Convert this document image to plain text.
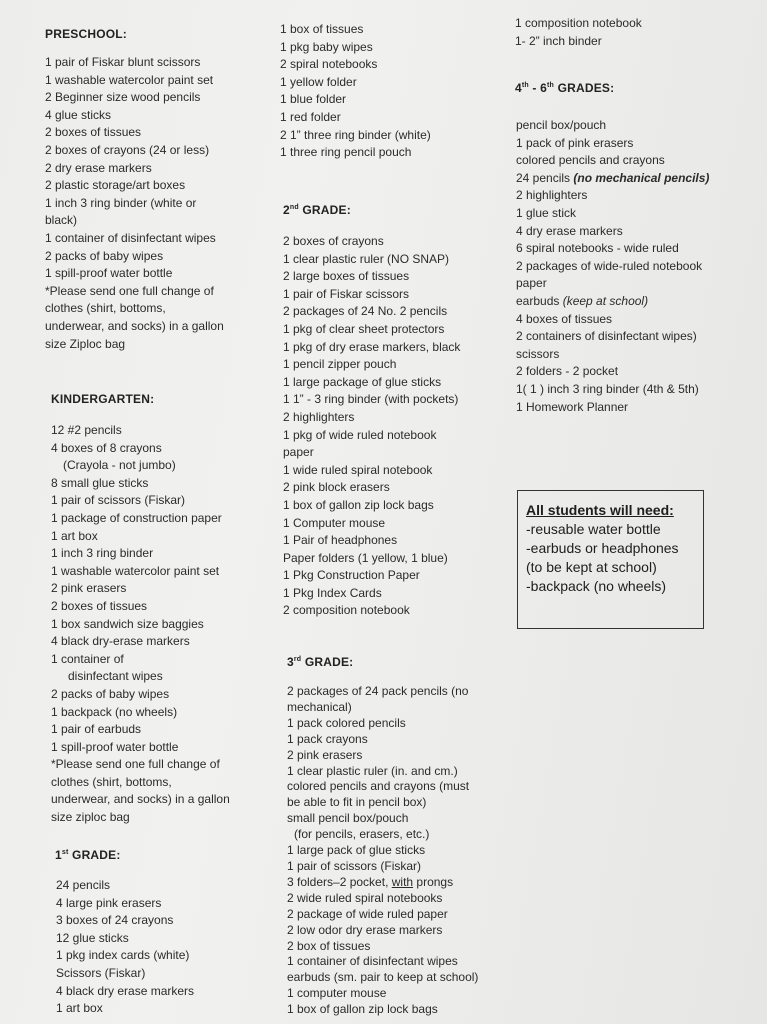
PRESCHOOL:
1 pair of Fiskar blunt scissors
1 washable watercolor paint set
2 Beginner size wood pencils
4 glue sticks
2 boxes of tissues
2 boxes of crayons (24 or less)
2 dry erase markers
2 plastic storage/art boxes
1 inch 3 ring binder (white or
black)
1 container of disinfectant wipes
2 packs of baby wipes
1 spill-proof water bottle
*Please send one full change of
clothes (shirt, bottoms,
underwear, and socks) in a gallon
size Ziploc bag
KINDERGARTEN:
12 #2 pencils
4 boxes of 8 crayons
(Crayola - not jumbo)
8 small glue sticks
1 pair of scissors (Fiskar)
1 package of construction paper
1 art box
1 inch 3 ring binder
1 washable watercolor paint set
2 pink erasers
2 boxes of tissues
1 box sandwich size baggies
4 black dry-erase markers
1 container of
disinfectant wipes
2 packs of baby wipes
1 backpack (no wheels)
1 pair of earbuds
1 spill-proof water bottle
*Please send one full change of
clothes (shirt, bottoms,
underwear, and socks) in a gallon
size ziploc bag
1st GRADE:
24 pencils
4 large pink erasers
3 boxes of 24 crayons
12 glue sticks
1 pkg index cards (white)
Scissors (Fiskar)
4 black dry erase markers
1 art box
1 box of tissues
1 pkg baby wipes
2 spiral notebooks
1 yellow folder
1 blue folder
1 red folder
2 1” three ring binder (white)
1 three ring pencil pouch
2nd GRADE:
2 boxes of crayons
1 clear plastic ruler (NO SNAP)
2 large boxes of tissues
1 pair of Fiskar scissors
2 packages of 24 No. 2 pencils
1 pkg of clear sheet protectors
1 pkg of dry erase markers, black
1 pencil zipper pouch
1 large package of glue sticks
1 1” - 3 ring binder (with pockets)
2 highlighters
1 pkg of wide ruled notebook
paper
1 wide ruled spiral notebook
2 pink block erasers
1 box of gallon zip lock bags
1 Computer mouse
1 Pair of headphones
Paper folders (1 yellow, 1 blue)
1 Pkg Construction Paper
1 Pkg Index Cards
2 composition notebook
3rd GRADE:
2 packages of 24 pack pencils (no
mechanical)
1 pack colored pencils
1 pack crayons
2 pink erasers
1 clear plastic ruler (in. and cm.)
colored pencils and crayons (must
be able to fit in pencil box)
small pencil box/pouch
(for pencils, erasers, etc.)
1 large pack of glue sticks
1 pair of scissors (Fiskar)
3 folders–2 pocket, with prongs
2 wide ruled spiral notebooks
2 package of wide ruled paper
2 low odor dry erase markers
2 box of tissues
1 container of disinfectant wipes
earbuds (sm. pair to keep at school)
1 computer mouse
1 box of gallon zip lock bags
1 composition notebook
1- 2” inch binder
4th - 6th GRADES:
pencil box/pouch
1 pack of pink erasers
colored pencils and crayons
24 pencils (no mechanical pencils)
2 highlighters
1 glue stick
4 dry erase markers
6 spiral notebooks - wide ruled
2 packages of wide-ruled notebook
paper
earbuds (keep at school)
4 boxes of tissues
2 containers of disinfectant wipes)
scissors
2 folders - 2 pocket
1( 1 ) inch 3 ring binder (4th & 5th)
1 Homework Planner
All students will need:
-reusable water bottle
-earbuds or headphones
(to be kept at school)
-backpack (no wheels)
